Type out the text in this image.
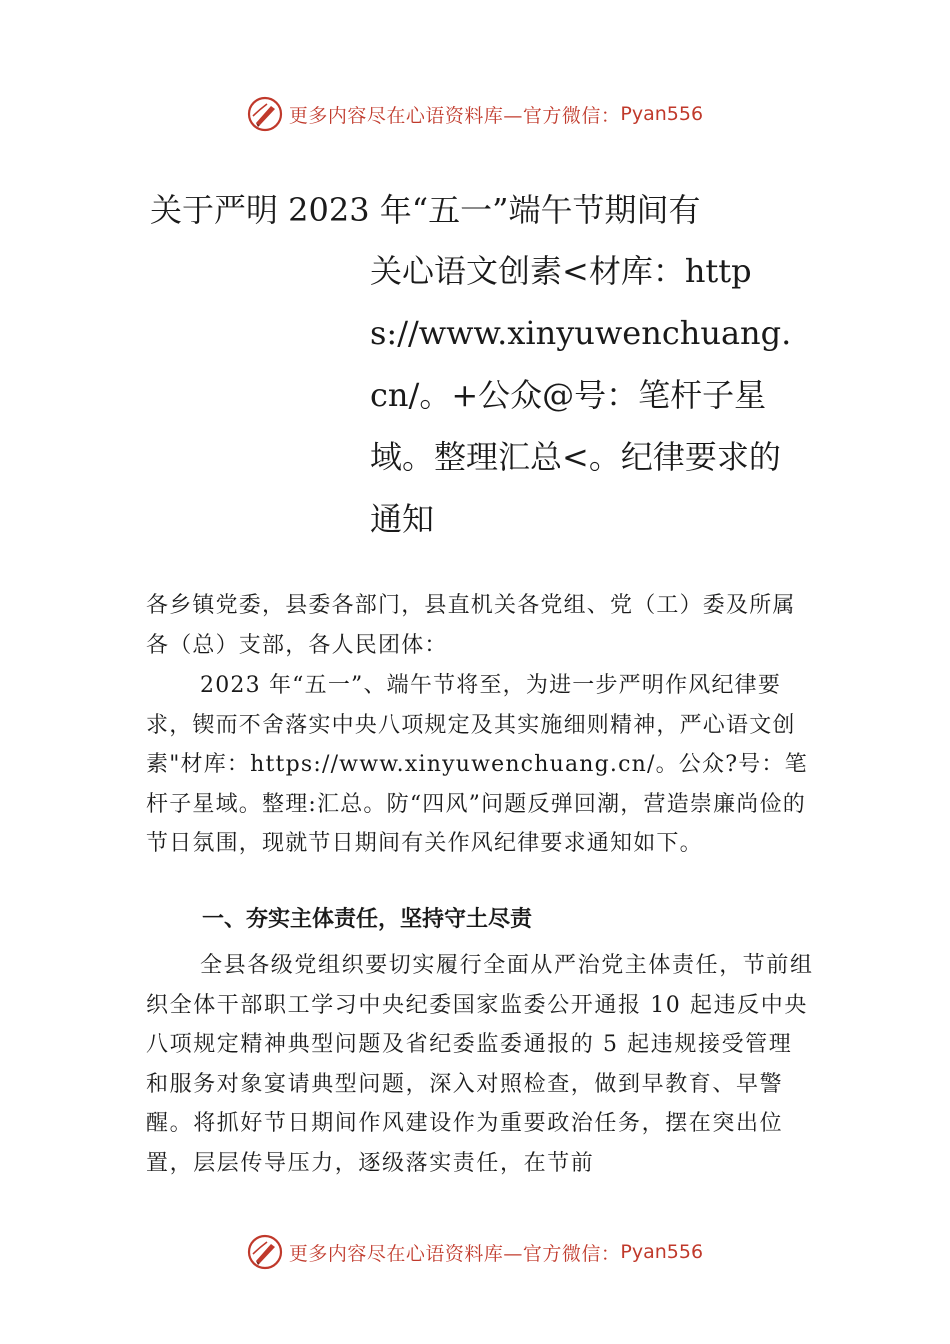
更多内容尽在心语资料库—官方微信： Pyan556
关于严明 2023 年“五一”端午节期间有
关心语文创素<材库：https://www.xinyuwenchuang.cn/。+公众@号：笔杆子星域。整理汇总<。纪律要求的通知
各乡镇党委，县委各部门，县直机关各党组、党（工）委及所属各（总）支部，各人民团体：
2023 年“五一”、端午节将至，为进一步严明作风纪律要求，锲而不舍落实中央八项规定及其实施细则精神，严心语文创素"材库：https://www.xinyuwenchuang.cn/。公众?号：笔杆子星域。整理:汇总。防“四风”问题反弹回潮，营造崇廉尚俭的节日氛围，现就节日期间有关作风纪律要求通知如下。
一、夯实主体责任，坚持守土尽责
全县各级党组织要切实履行全面从严治党主体责任，节前组织全体干部职工学习中央纪委国家监委公开通报 10 起违反中央八项规定精神典型问题及省纪委监委通报的 5 起违规接受管理和服务对象宴请典型问题，深入对照检查，做到早教育、早警醒。将抓好节日期间作风建设作为重要政治任务，摆在突出位置，层层传导压力，逐级落实责任，在节前
更多内容尽在心语资料库—官方微信： Pyan556
